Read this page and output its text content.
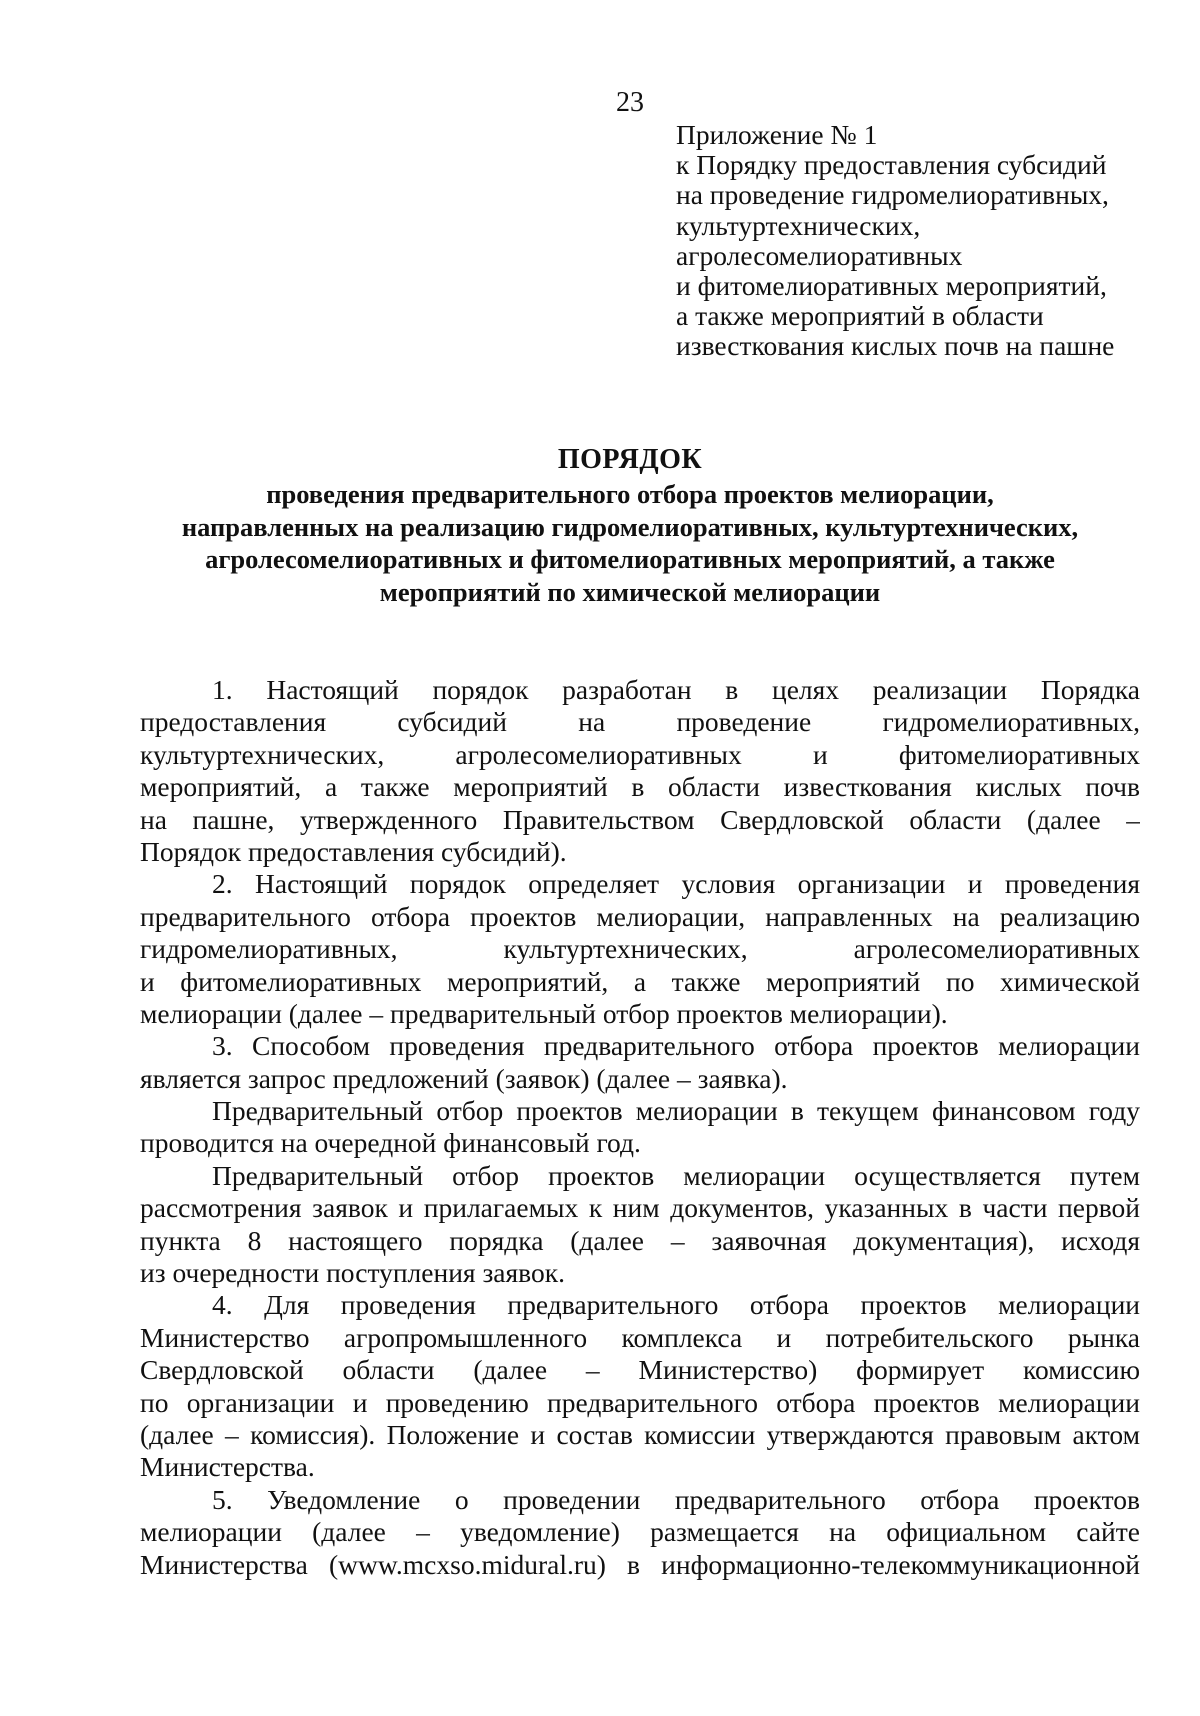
23
Приложение № 1
к Порядку предоставления субсидий
на проведение гидромелиоративных,
культуртехнических,
агролесомелиоративных
и фитомелиоративных мероприятий,
а также мероприятий в области
известкования кислых почв на пашне
ПОРЯДОК
проведения предварительного отбора проектов мелиорации,
направленных на реализацию гидромелиоративных, культуртехнических,
агролесомелиоративных и фитомелиоративных мероприятий, а также
мероприятий по химической мелиорации
1. Настоящий порядок разработан в целях реализации Порядка
предоставления субсидий на проведение гидромелиоративных,
культуртехнических, агролесомелиоративных и фитомелиоративных
мероприятий, а также мероприятий в области известкования кислых почв
на пашне, утвержденного Правительством Свердловской области (далее –
Порядок предоставления субсидий).
2. Настоящий порядок определяет условия организации и проведения
предварительного отбора проектов мелиорации, направленных на реализацию
гидромелиоративных, культуртехнических, агролесомелиоративных
и фитомелиоративных мероприятий, а также мероприятий по химической
мелиорации (далее – предварительный отбор проектов мелиорации).
3. Способом проведения предварительного отбора проектов мелиорации
является запрос предложений (заявок) (далее – заявка).
Предварительный отбор проектов мелиорации в текущем финансовом году
проводится на очередной финансовый год.
Предварительный отбор проектов мелиорации осуществляется путем
рассмотрения заявок и прилагаемых к ним документов, указанных в части первой
пункта 8 настоящего порядка (далее – заявочная документация), исходя
из очередности поступления заявок.
4. Для проведения предварительного отбора проектов мелиорации
Министерство агропромышленного комплекса и потребительского рынка
Свердловской области (далее – Министерство) формирует комиссию
по организации и проведению предварительного отбора проектов мелиорации
(далее – комиссия). Положение и состав комиссии утверждаются правовым актом
Министерства.
5. Уведомление о проведении предварительного отбора проектов
мелиорации (далее – уведомление) размещается на официальном сайте
Министерства (www.mcxso.midural.ru) в информационно-телекоммуникационной
